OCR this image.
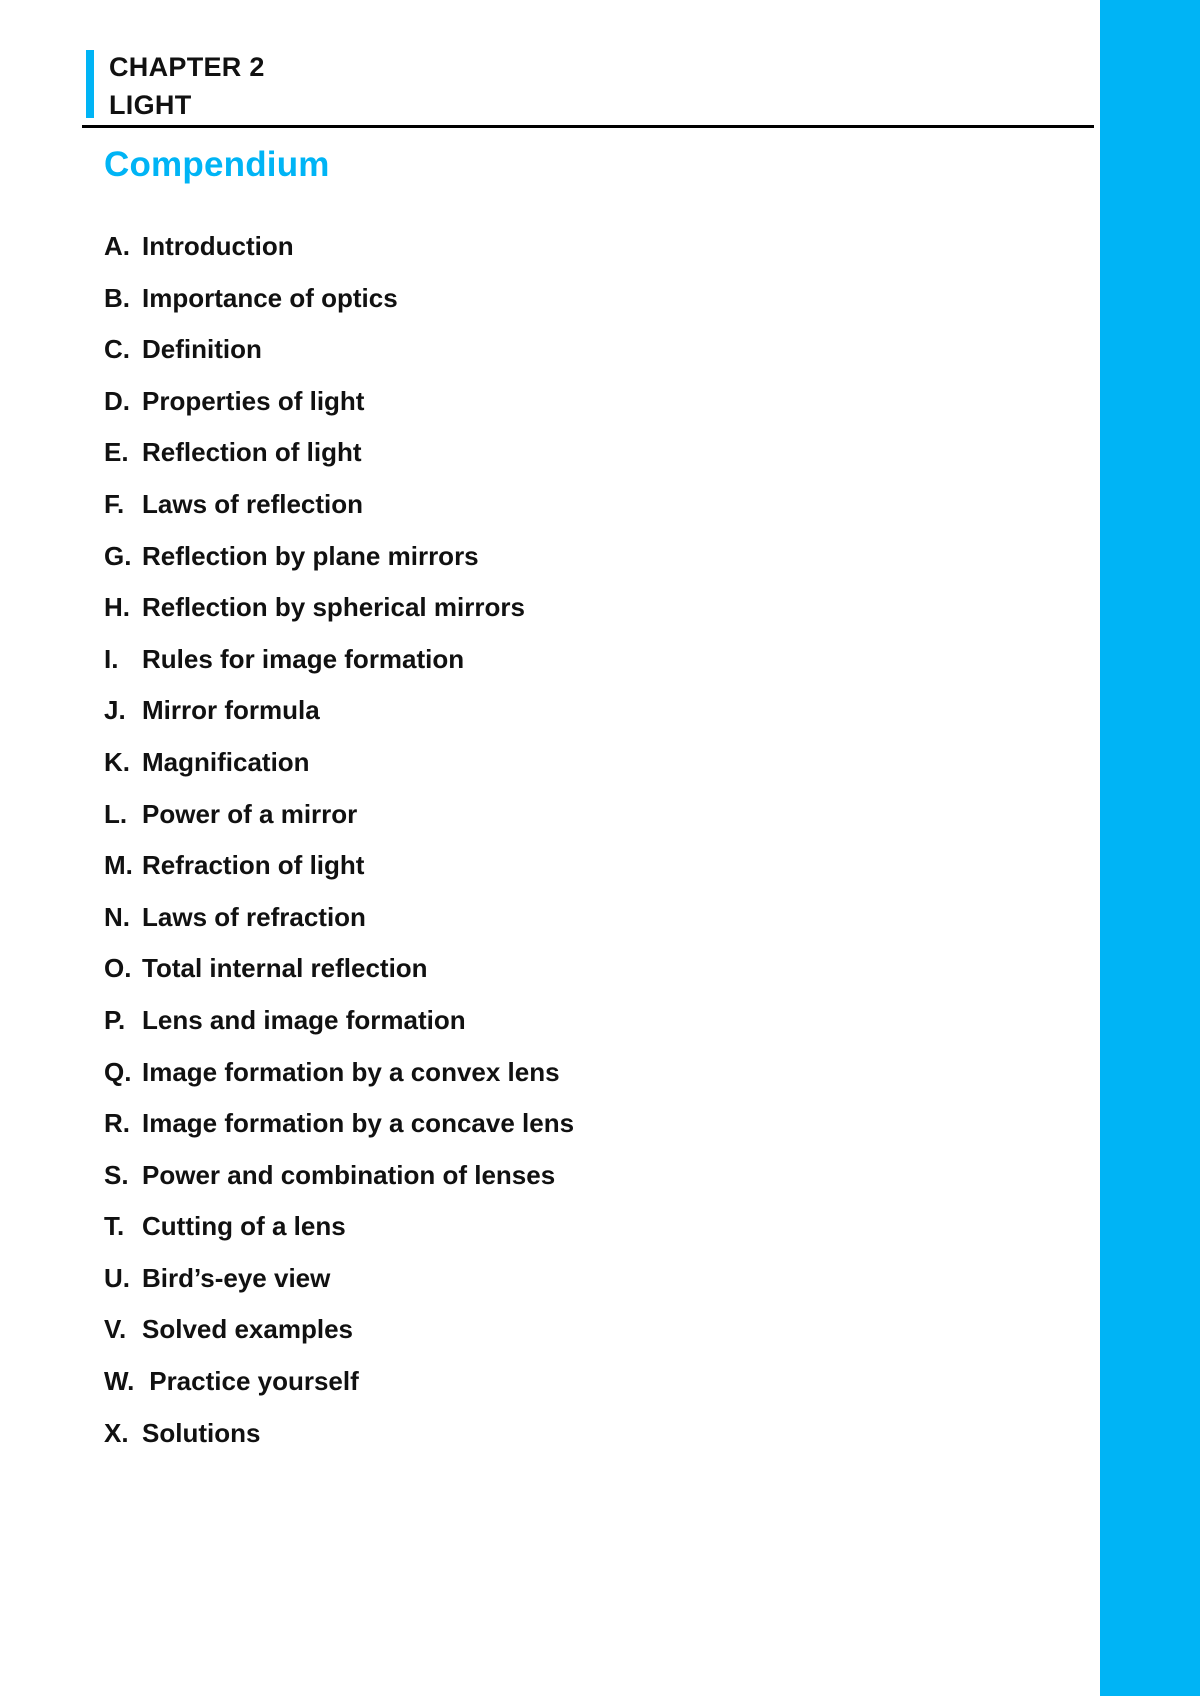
CHAPTER 2
LIGHT
Compendium
A. Introduction
B. Importance of optics
C. Definition
D. Properties of light
E. Reflection of light
F. Laws of reflection
G. Reflection by plane mirrors
H. Reflection by spherical mirrors
I. Rules for image formation
J. Mirror formula
K. Magnification
L. Power of a mirror
M. Refraction of light
N. Laws of refraction
O. Total internal reflection
P. Lens and image formation
Q. Image formation by a convex lens
R. Image formation by a concave lens
S. Power and combination of lenses
T. Cutting of a lens
U. Bird’s-eye view
V. Solved examples
W. Practice yourself
X. Solutions
